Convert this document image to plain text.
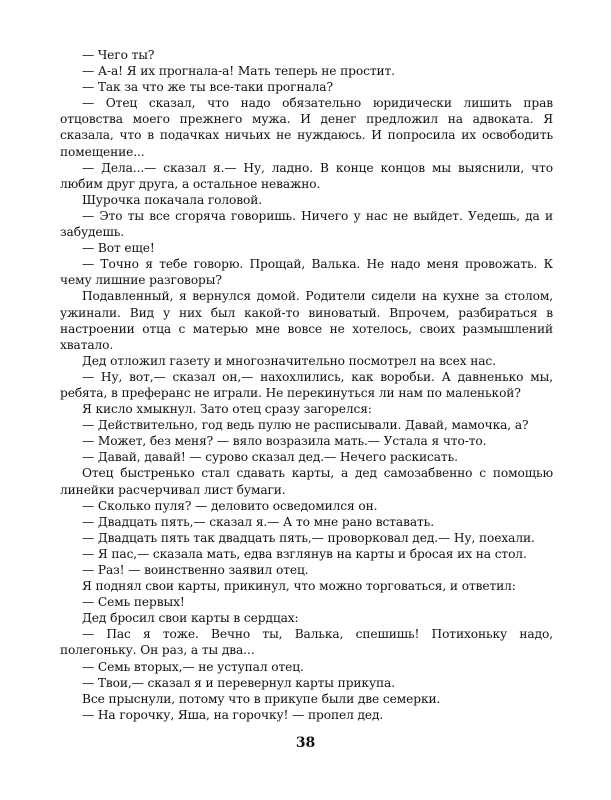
— Чего ты?

— А-а! Я их прогнала-а! Мать теперь не простит.

— Так за что же ты все-таки прогнала?

— Отец сказал, что надо обязательно юридически лишить прав отцовства моего прежнего мужа. И денег предложил на адвоката. Я сказала, что в подачках ничьих не нуждаюсь. И попросила их освободить помещение...

— Дела...— сказал я.— Ну, ладно. В конце концов мы выяснили, что любим друг друга, а остальное неважно.

Шурочка покачала головой.

— Это ты все сгоряча говоришь. Ничего у нас не выйдет. Уедешь, да и забудешь.

— Вот еще!

— Точно я тебе говорю. Прощай, Валька. Не надо меня провожать. К чему лишние разговоры?

Подавленный, я вернулся домой. Родители сидели на кухне за столом, ужинали. Вид у них был какой-то виноватый. Впрочем, разбираться в настроении отца с матерью мне вовсе не хотелось, своих размышлений хватало.

Дед отложил газету и многозначительно посмотрел на всех нас.

— Ну, вот,— сказал он,— нахохлились, как воробьи. А давненько мы, ребята, в преферанс не играли. Не перекинуться ли нам по маленькой?

Я кисло хмыкнул. Зато отец сразу загорелся:

— Действительно, год ведь пулю не расписывали. Давай, мамочка, а?

— Может, без меня? — вяло возразила мать.— Устала я что-то.

— Давай, давай! — сурово сказал дед.— Нечего раскисать.

Отец быстренько стал сдавать карты, а дед самозабвенно с помощью линейки расчерчивал лист бумаги.

— Сколько пуля? — деловито осведомился он.

— Двадцать пять,— сказал я.— А то мне рано вставать.

— Двадцать пять так двадцать пять,— проворковал дед.— Ну, поехали.

— Я пас,— сказала мать, едва взглянув на карты и бросая их на стол.

— Раз! — воинственно заявил отец.

Я поднял свои карты, прикинул, что можно торговаться, и ответил:

— Семь первых!

Дед бросил свои карты в сердцах:

— Пас я тоже. Вечно ты, Валька, спешишь! Потихоньку надо, полегоньку. Он раз, а ты два...

— Семь вторых,— не уступал отец.

— Твои,— сказал я и перевернул карты прикупа.

Все прыснули, потому что в прикупе были две семерки.

— На горочку, Яша, на горочку! — пропел дед.

38
